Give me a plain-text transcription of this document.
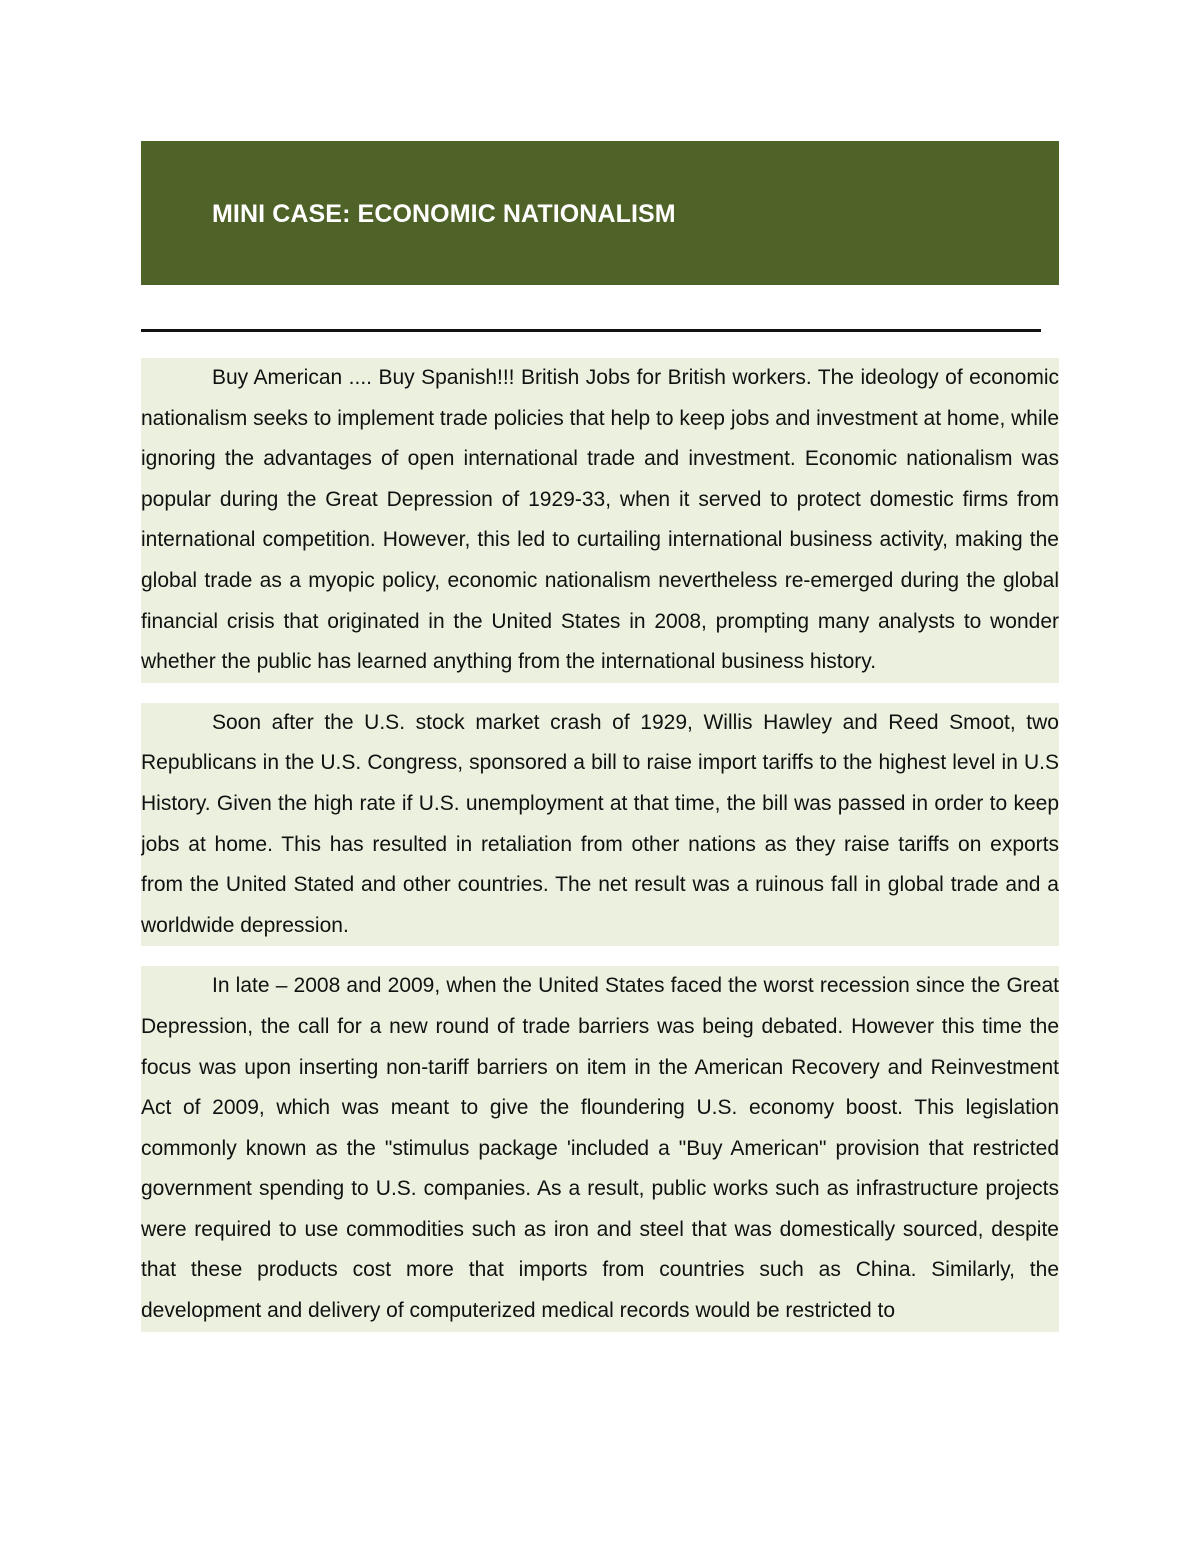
MINI CASE: ECONOMIC NATIONALISM

Buy American .... Buy Spanish!!! British Jobs for British workers. The ideology of economic nationalism seeks to implement trade policies that help to keep jobs and investment at home, while ignoring the advantages of open international trade and investment. Economic nationalism was popular during the Great Depression of 1929-33, when it served to protect domestic firms from international competition. However, this led to curtailing international business activity, making the global trade as a myopic policy, economic nationalism nevertheless re-emerged during the global financial crisis that originated in the United States in 2008, prompting many analysts to wonder whether the public has learned anything from the international business history.

Soon after the U.S. stock market crash of 1929, Willis Hawley and Reed Smoot, two Republicans in the U.S. Congress, sponsored a bill to raise import tariffs to the highest level in U.S History. Given the high rate if U.S. unemployment at that time, the bill was passed in order to keep jobs at home. This has resulted in retaliation from other nations as they raise tariffs on exports from the United Stated and other countries. The net result was a ruinous fall in global trade and a worldwide depression.

In late – 2008 and 2009, when the United States faced the worst recession since the Great Depression, the call for a new round of trade barriers was being debated. However this time the focus was upon inserting non-tariff barriers on item in the American Recovery and Reinvestment Act of 2009, which was meant to give the floundering U.S. economy boost. This legislation commonly known as the "stimulus package 'included a "Buy American" provision that restricted government spending to U.S. companies. As a result, public works such as infrastructure projects were required to use commodities such as iron and steel that was domestically sourced, despite that these products cost more that imports from countries such as China. Similarly, the development and delivery of computerized medical records would be restricted to
